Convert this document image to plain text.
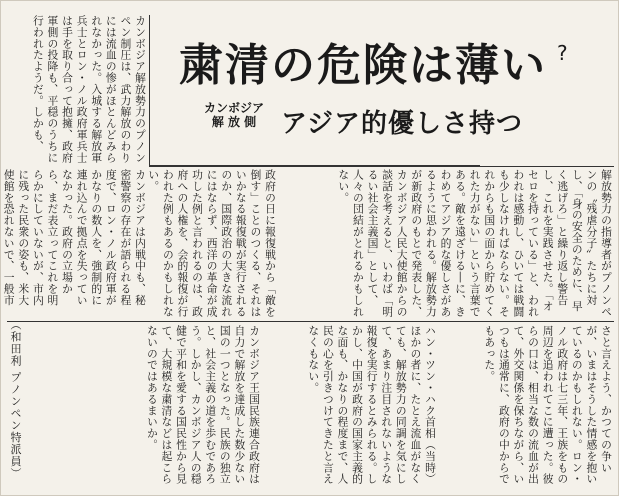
粛清の危険は薄い ?
カンボジア
解 放 側 アジア的優しさ持つ
カンボジア解放勢力のプノンペン制圧は、武力解放のわりには流血の惨がほとんどみられなかった。入城する解放軍兵士とロン・ノル政府軍兵士は手を取り合って抱擁、政府軍側の投降も、平穏のうちに行われたようだ。しかも、
解放勢力の指導者がプノンペンの〝残虐分子〟たちに対し、「身の安全のために、早く逃げろ」と繰り返し警告し、これを実践させた。「オセロを持っている」と、われわれは感動し、ひいては戦闘も少しなければならない。それからも国の面から貯めてくれた力がない」という言葉である。敵を遠ざける―に、きわめてアジア的な優しさがあるように思われる。解放勢力が新政府のもとで発表した、カンボジア人民大使館からの談話を考えると、いわば「明るい社会主義国」として、人々の団結がとれるかもしれない。
政府の日に報復戦から「敵を倒す」ことのつくる、それはいかなる報復戦が実行されるのか、国際政治の大きな流れにはならず、西洋の革命が成功した例と言われるのは、政府への人権を、会的報復が行われた例もあるのかもしれない。
カンボジアは内戦中も、秘密警察の存在が語られる程度で、ロン・ノル政府軍がかなりの数人を、強制的に連れ込んで拠点を失っていなかった。政府の立場から、まだ表立ってこれを明らかにしていないが、市内に残った民衆の姿も、米大使館を恐れないで、一般市
さと言えよう、かつての争いが、いまはそうした情感を抱いているのかもしれない。ロン・ノル政府は七三年、王族をもの周辺を追われてこに遭った。彼らの口は、相当な数の流血が出て、外交関係を保ちながら、いつもは通常に、政府の中からでもあった。
ハン・ツン・ハク首相（当時）ほかの者に、たとえ流血がなくても、解放勢力の同調を気にして、あまり注目されないような報復を実行するとみられる。しかし、中国が政府の国家主義的な面も、かなりの程度まで、人民の心を引きつけてきたと言えなくもない。
カンボジア王国民族連合政府は自力で解放を達成した数少ない国の一つとなった。民族の独立と、社会主義の道を歩むであろう。しかし、カンボジア人の穏健で平和を愛する国民性から見て、大規模な粛清などは起こらないのではあるまいか。
（和田利 プノンペン特派員）
